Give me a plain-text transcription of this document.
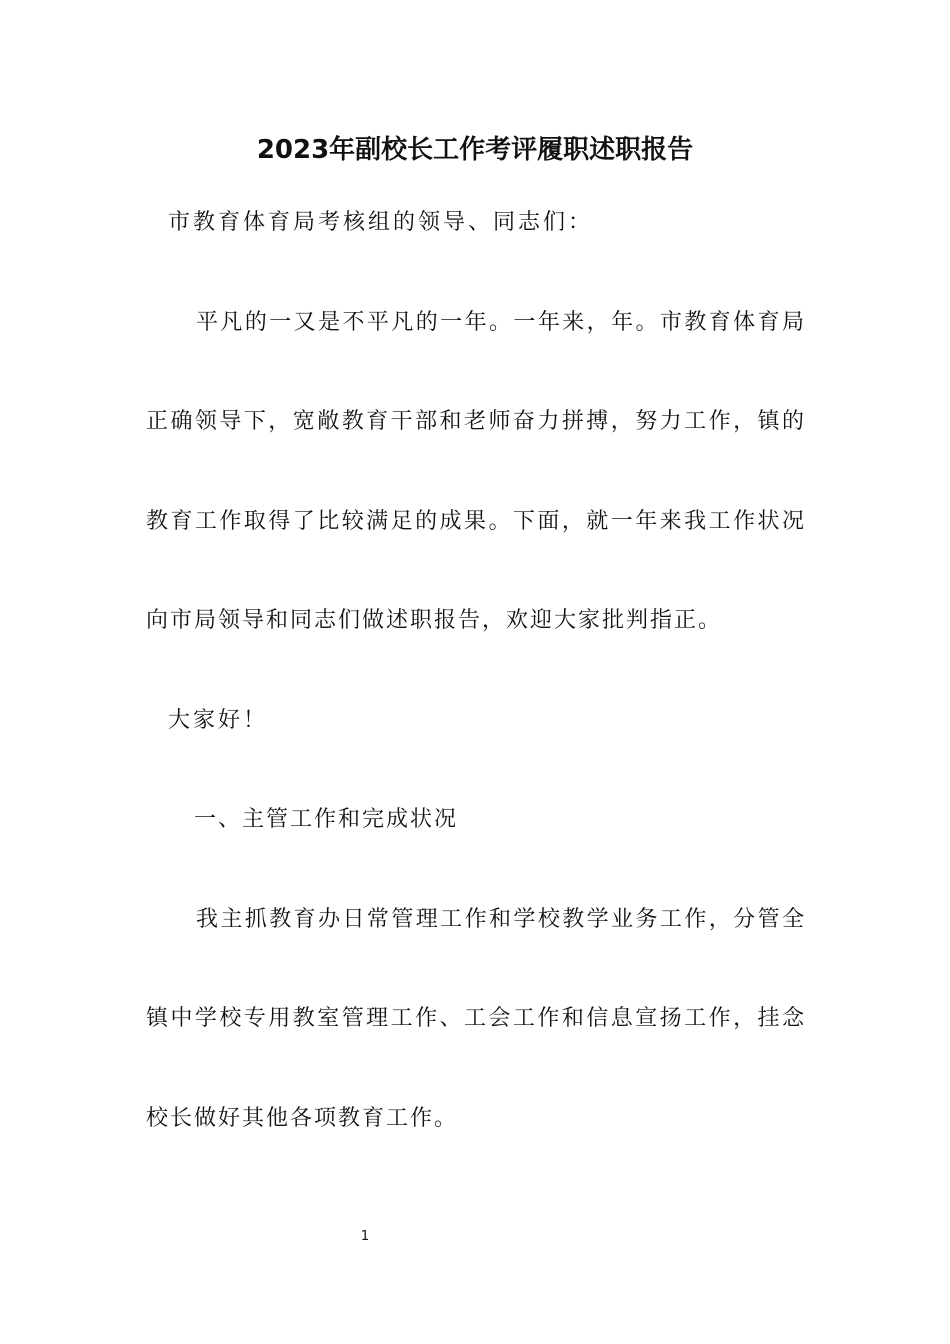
2023年副校长工作考评履职述职报告
市教育体育局考核组的领导、同志们：
平凡的一又是不平凡的一年。一年来，年。市教育体育局
正确领导下，宽敞教育干部和老师奋力拼搏，努力工作，镇的
教育工作取得了比较满足的成果。下面，就一年来我工作状况
向市局领导和同志们做述职报告，欢迎大家批判指正。
大家好！
一、主管工作和完成状况
我主抓教育办日常管理工作和学校教学业务工作，分管全
镇中学校专用教室管理工作、工会工作和信息宣扬工作，挂念
校长做好其他各项教育工作。
1
